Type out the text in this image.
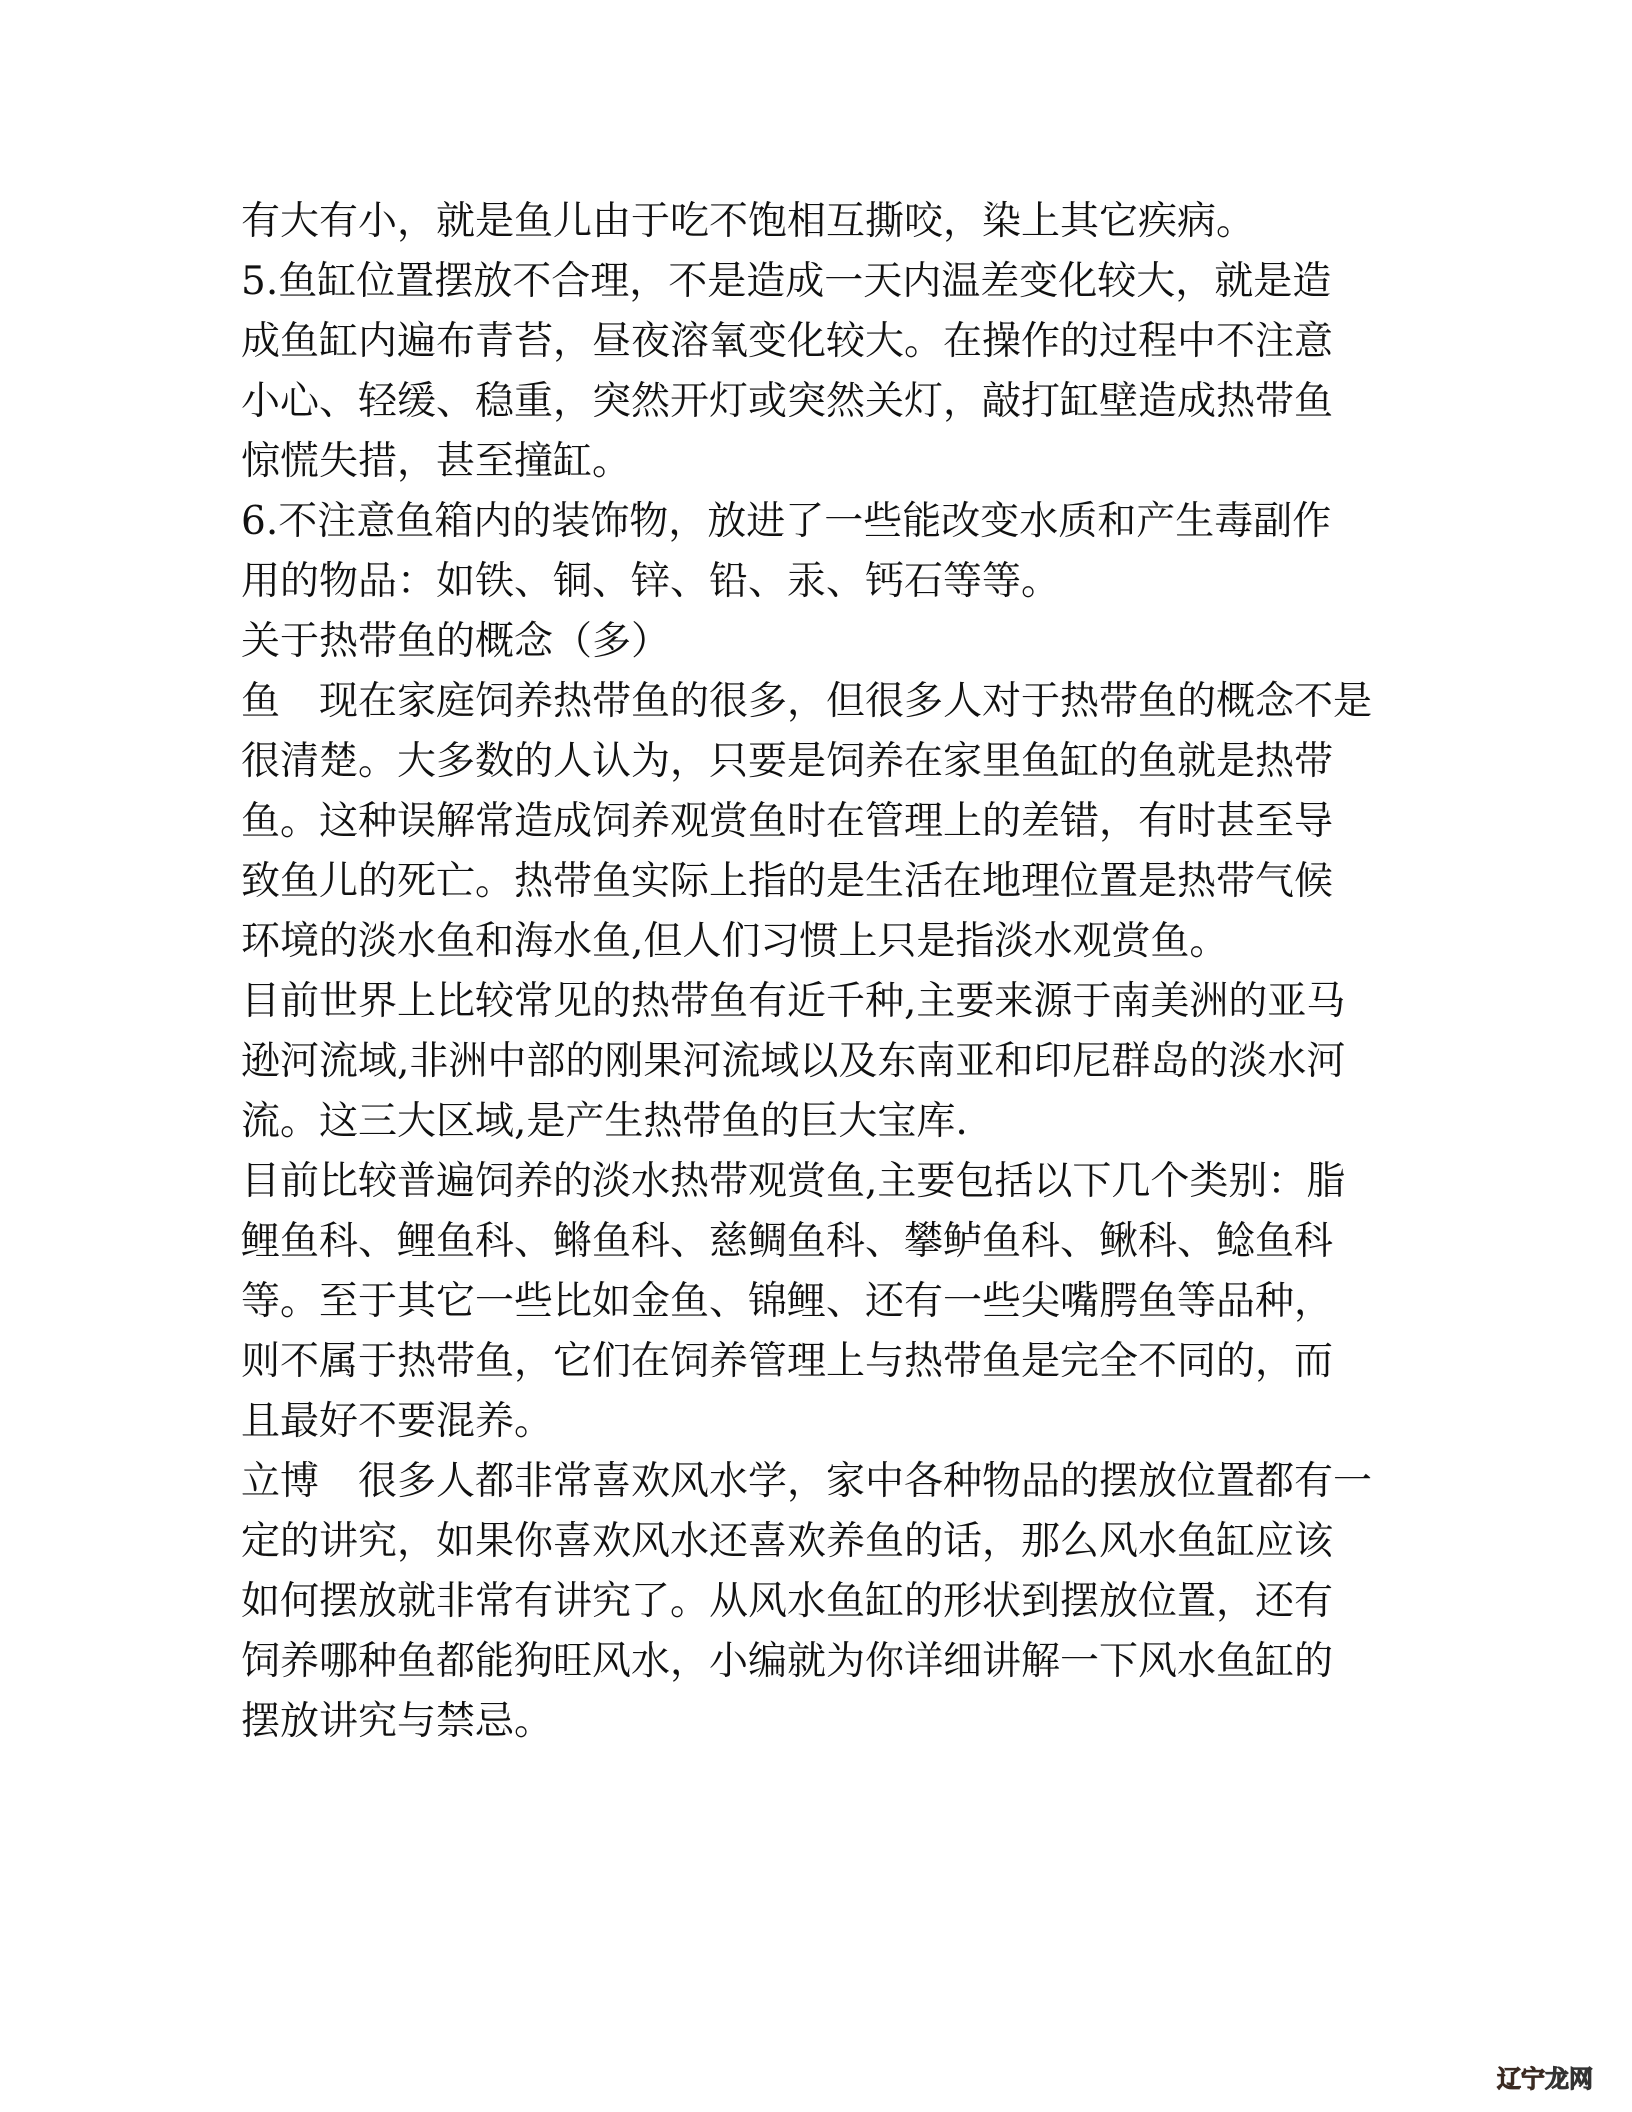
有大有小，就是鱼儿由于吃不饱相互撕咬，染上其它疾病。
5.鱼缸位置摆放不合理，不是造成一天内温差变化较大，就是造
成鱼缸内遍布青苔，昼夜溶氧变化较大。在操作的过程中不注意
小心、轻缓、稳重，突然开灯或突然关灯，敲打缸壁造成热带鱼
惊慌失措，甚至撞缸。
6.不注意鱼箱内的装饰物，放进了一些能改变水质和产生毒副作
用的物品：如铁、铜、锌、铅、汞、钙石等等。
关于热带鱼的概念（多）
鱼　现在家庭饲养热带鱼的很多，但很多人对于热带鱼的概念不是
很清楚。大多数的人认为，只要是饲养在家里鱼缸的鱼就是热带
鱼。这种误解常造成饲养观赏鱼时在管理上的差错，有时甚至导
致鱼儿的死亡。热带鱼实际上指的是生活在地理位置是热带气候
环境的淡水鱼和海水鱼,但人们习惯上只是指淡水观赏鱼。
目前世界上比较常见的热带鱼有近千种,主要来源于南美洲的亚马
逊河流域,非洲中部的刚果河流域以及东南亚和印尼群岛的淡水河
流。这三大区域,是产生热带鱼的巨大宝库.
目前比较普遍饲养的淡水热带观赏鱼,主要包括以下几个类别：脂
鲤鱼科、鲤鱼科、鳉鱼科、慈鲷鱼科、攀鲈鱼科、鳅科、鲶鱼科
等。至于其它一些比如金鱼、锦鲤、还有一些尖嘴腭鱼等品种，
则不属于热带鱼，它们在饲养管理上与热带鱼是完全不同的，而
且最好不要混养。
立博　很多人都非常喜欢风水学，家中各种物品的摆放位置都有一
定的讲究，如果你喜欢风水还喜欢养鱼的话，那么风水鱼缸应该
如何摆放就非常有讲究了。从风水鱼缸的形状到摆放位置，还有
饲养哪种鱼都能狗旺风水，小编就为你详细讲解一下风水鱼缸的
摆放讲究与禁忌。
辽宁龙网
